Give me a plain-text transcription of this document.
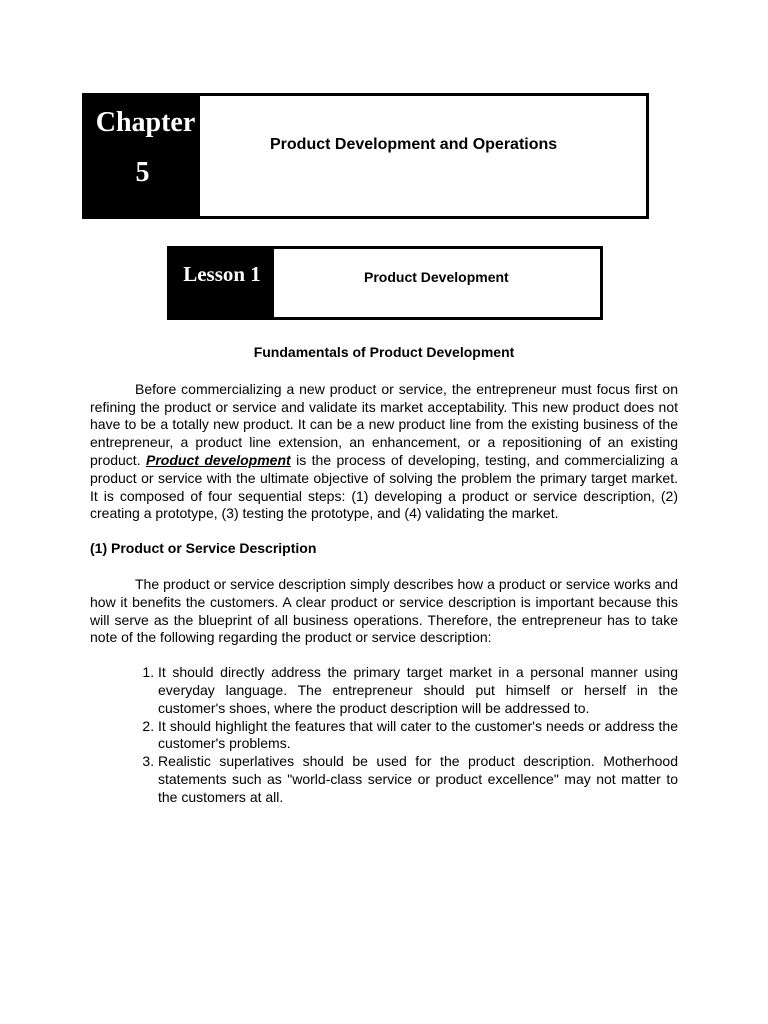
Chapter
5
Product Development and Operations
Lesson 1	Product Development
Fundamentals of Product Development

Before commercializing a new product or service, the entrepreneur must focus first on refining the product or service and validate its market acceptability. This new product does not have to be a totally new product. It can be a new product line from the existing business of the entrepreneur, a product line extension, an enhancement, or a repositioning of an existing product. Product development is the process of developing, testing, and commercializing a product or service with the ultimate objective of solving the problem the primary target market. It is composed of four sequential steps: (1) developing a product or service description, (2) creating a prototype, (3) testing the prototype, and (4) validating the market.

(1) Product or Service Description

The product or service description simply describes how a product or service works and how it benefits the customers. A clear product or service description is important because this will serve as the blueprint of all business operations. Therefore, the entrepreneur has to take note of the following regarding the product or service description:

1. It should directly address the primary target market in a personal manner using everyday language. The entrepreneur should put himself or herself in the customer's shoes, where the product description will be addressed to.
2. It should highlight the features that will cater to the customer's needs or address the customer's problems.
3. Realistic superlatives should be used for the product description. Motherhood statements such as "world-class service or product excellence" may not matter to the customers at all.
